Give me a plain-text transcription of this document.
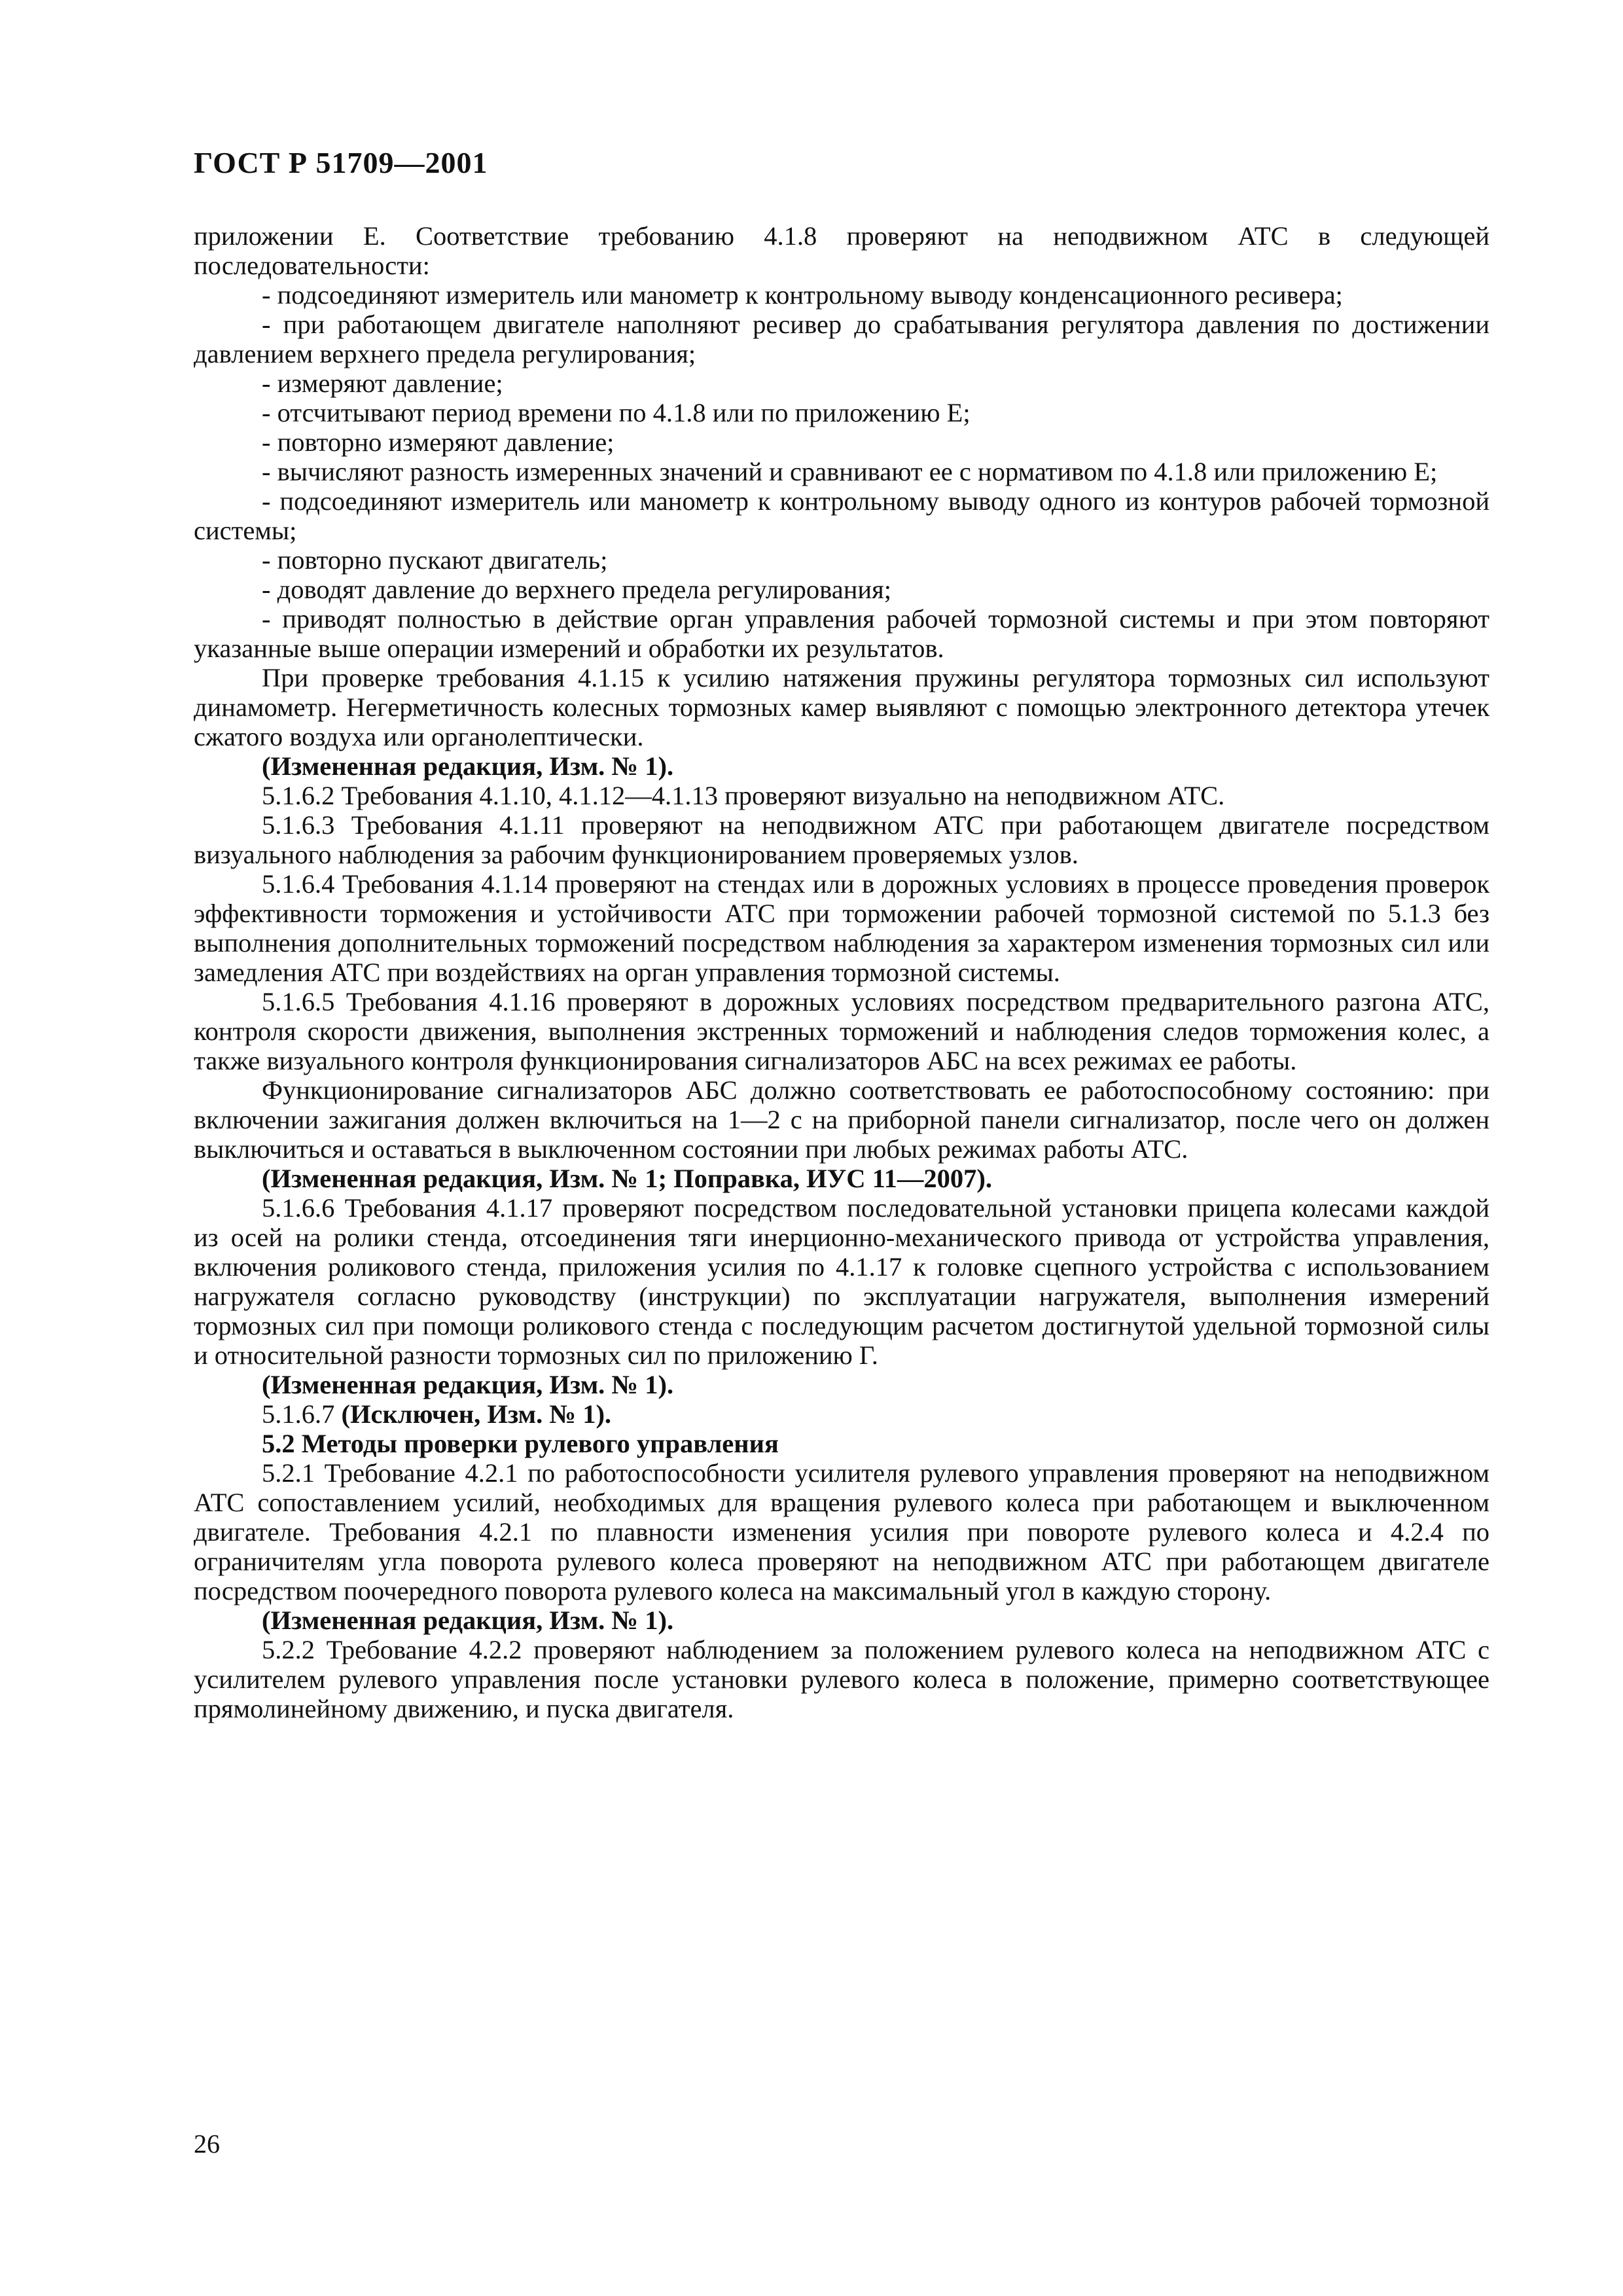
ГОСТ Р 51709—2001

приложении Е. Соответствие требованию 4.1.8 проверяют на неподвижном АТС в следующей последовательности:

- подсоединяют измеритель или манометр к контрольному выводу конденсационного ресивера;

- при работающем двигателе наполняют ресивер до срабатывания регулятора давления по достижении давлением верхнего предела регулирования;

- измеряют давление;

- отсчитывают период времени по 4.1.8 или по приложению Е;

- повторно измеряют давление;

- вычисляют разность измеренных значений и сравнивают ее с нормативом по 4.1.8 или приложению Е;

- подсоединяют измеритель или манометр к контрольному выводу одного из контуров рабочей тормозной системы;

- повторно пускают двигатель;

- доводят давление до верхнего предела регулирования;

- приводят полностью в действие орган управления рабочей тормозной системы и при этом повторяют указанные выше операции измерений и обработки их результатов.

При проверке требования 4.1.15 к усилию натяжения пружины регулятора тормозных сил используют динамометр. Негерметичность колесных тормозных камер выявляют с помощью электронного детектора утечек сжатого воздуха или органолептически.

(Измененная редакция, Изм. № 1).

5.1.6.2 Требования 4.1.10, 4.1.12—4.1.13 проверяют визуально на неподвижном АТС.

5.1.6.3 Требования 4.1.11 проверяют на неподвижном АТС при работающем двигателе посредством визуального наблюдения за рабочим функционированием проверяемых узлов.

5.1.6.4 Требования 4.1.14 проверяют на стендах или в дорожных условиях в процессе проведения проверок эффективности торможения и устойчивости АТС при торможении рабочей тормозной системой по 5.1.3 без выполнения дополнительных торможений посредством наблюдения за характером изменения тормозных сил или замедления АТС при воздействиях на орган управления тормозной системы.

5.1.6.5 Требования 4.1.16 проверяют в дорожных условиях посредством предварительного разгона АТС, контроля скорости движения, выполнения экстренных торможений и наблюдения следов торможения колес, а также визуального контроля функционирования сигнализаторов АБС на всех режимах ее работы.

Функционирование сигнализаторов АБС должно соответствовать ее работоспособному состоянию: при включении зажигания должен включиться на 1—2 с на приборной панели сигнализатор, после чего он должен выключиться и оставаться в выключенном состоянии при любых режимах работы АТС.

(Измененная редакция, Изм. № 1; Поправка, ИУС 11—2007).

5.1.6.6 Требования 4.1.17 проверяют посредством последовательной установки прицепа колесами каждой из осей на ролики стенда, отсоединения тяги инерционно-механического привода от устройства управления, включения роликового стенда, приложения усилия по 4.1.17 к головке сцепного устройства с использованием нагружателя согласно руководству (инструкции) по эксплуатации нагружателя, выполнения измерений тормозных сил при помощи роликового стенда с последующим расчетом достигнутой удельной тормозной силы и относительной разности тормозных сил по приложению Г.

(Измененная редакция, Изм. № 1).

5.1.6.7 (Исключен, Изм. № 1).

5.2 Методы проверки рулевого управления

5.2.1 Требование 4.2.1 по работоспособности усилителя рулевого управления проверяют на неподвижном АТС сопоставлением усилий, необходимых для вращения рулевого колеса при работающем и выключенном двигателе. Требования 4.2.1 по плавности изменения усилия при повороте рулевого колеса и 4.2.4 по ограничителям угла поворота рулевого колеса проверяют на неподвижном АТС при работающем двигателе посредством поочередного поворота рулевого колеса на максимальный угол в каждую сторону.

(Измененная редакция, Изм. № 1).

5.2.2 Требование 4.2.2 проверяют наблюдением за положением рулевого колеса на неподвижном АТС с усилителем рулевого управления после установки рулевого колеса в положение, примерно соответствующее прямолинейному движению, и пуска двигателя.

26
